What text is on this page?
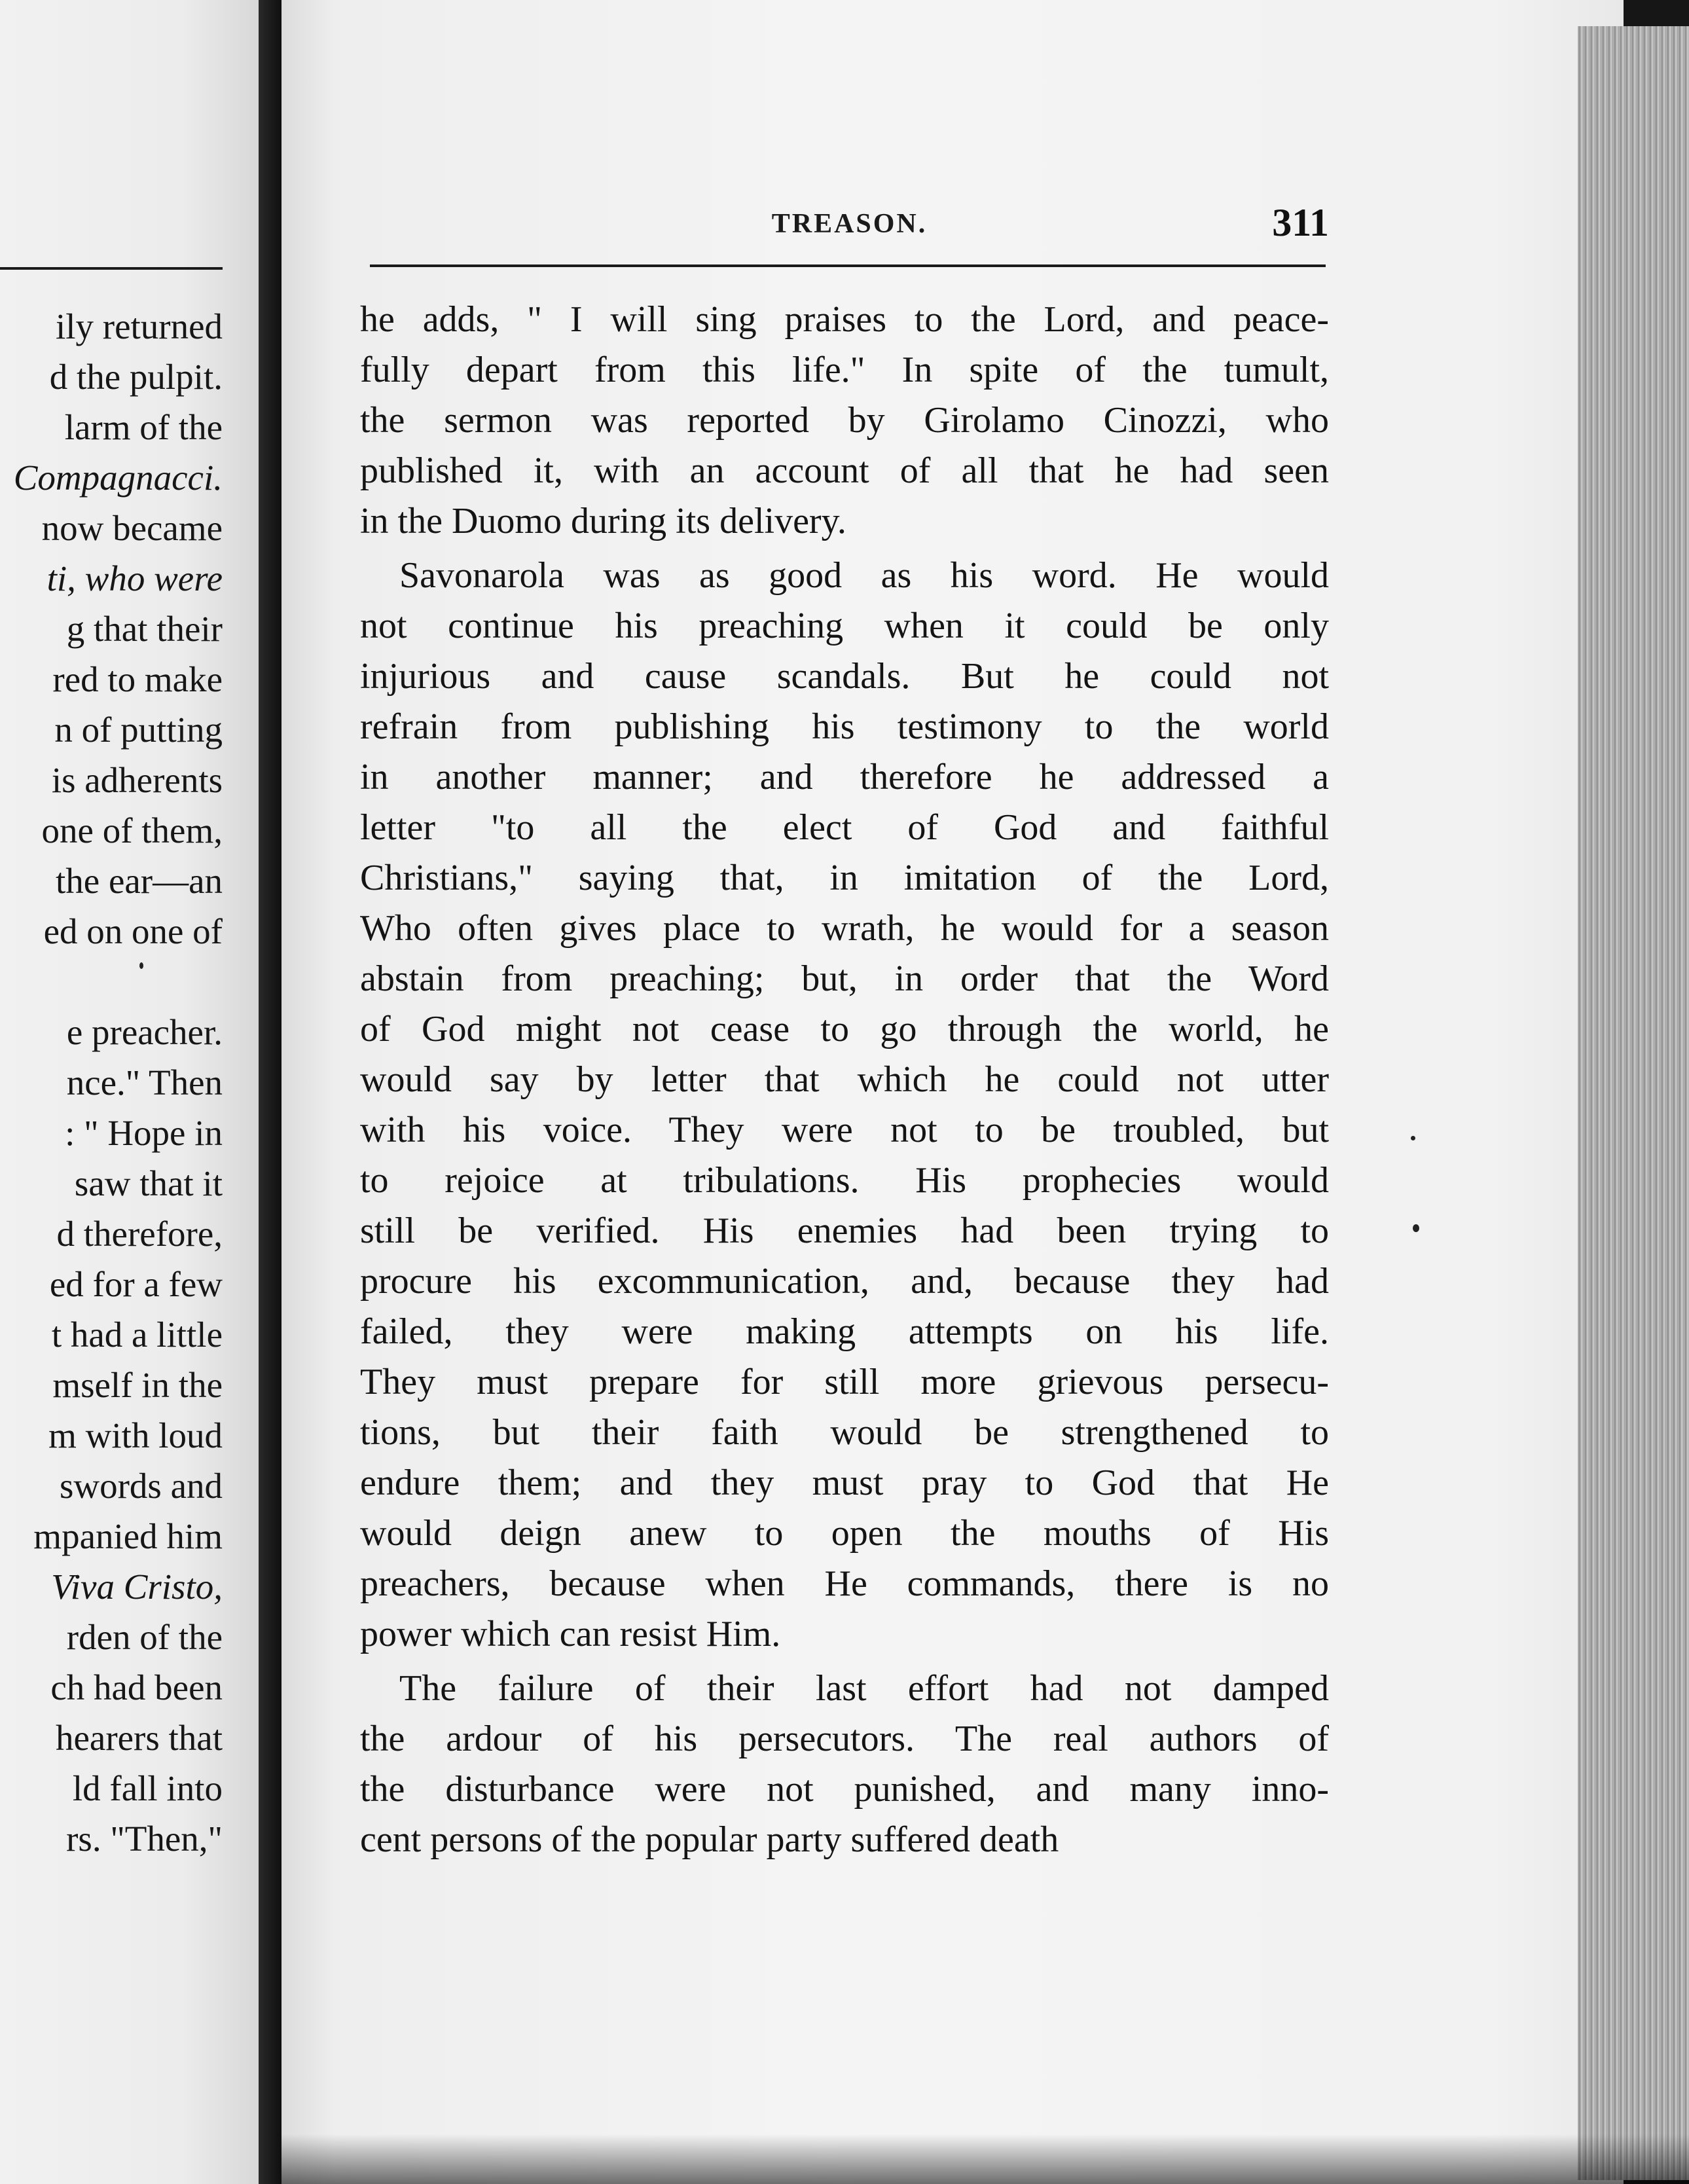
ily returned
d the pulpit.
larm of the
Compagnacci.
now became
ti, who were
g that their
red to make
n of putting
is adherents
one of them,
the ear—an
ed on one of
e preacher.
nce." Then
: " Hope in
saw that it
d therefore,
ed for a few
t had a little
mself in the
m with loud
swords and
mpanied him
Viva Cristo,
rden of the
ch had been
hearers that
ld fall into
rs. "Then,"
TREASON.	311
he adds, " I will sing praises to the Lord, and peace-
fully depart from this life." In spite of the tumult,
the sermon was reported by Girolamo Cinozzi, who
published it, with an account of all that he had seen
in the Duomo during its delivery.
Savonarola was as good as his word. He would
not continue his preaching when it could be only
injurious and cause scandals. But he could not
refrain from publishing his testimony to the world
in another manner; and therefore he addressed a
letter "to all the elect of God and faithful
Christians," saying that, in imitation of the Lord,
Who often gives place to wrath, he would for a season
abstain from preaching; but, in order that the Word
of God might not cease to go through the world, he
would say by letter that which he could not utter
with his voice. They were not to be troubled, but
to rejoice at tribulations. His prophecies would
still be verified. His enemies had been trying to
procure his excommunication, and, because they had
failed, they were making attempts on his life.
They must prepare for still more grievous persecu-
tions, but their faith would be strengthened to
endure them; and they must pray to God that He
would deign anew to open the mouths of His
preachers, because when He commands, there is no
power which can resist Him.
The failure of their last effort had not damped
the ardour of his persecutors. The real authors of
the disturbance were not punished, and many inno-
cent persons of the popular party suffered death
